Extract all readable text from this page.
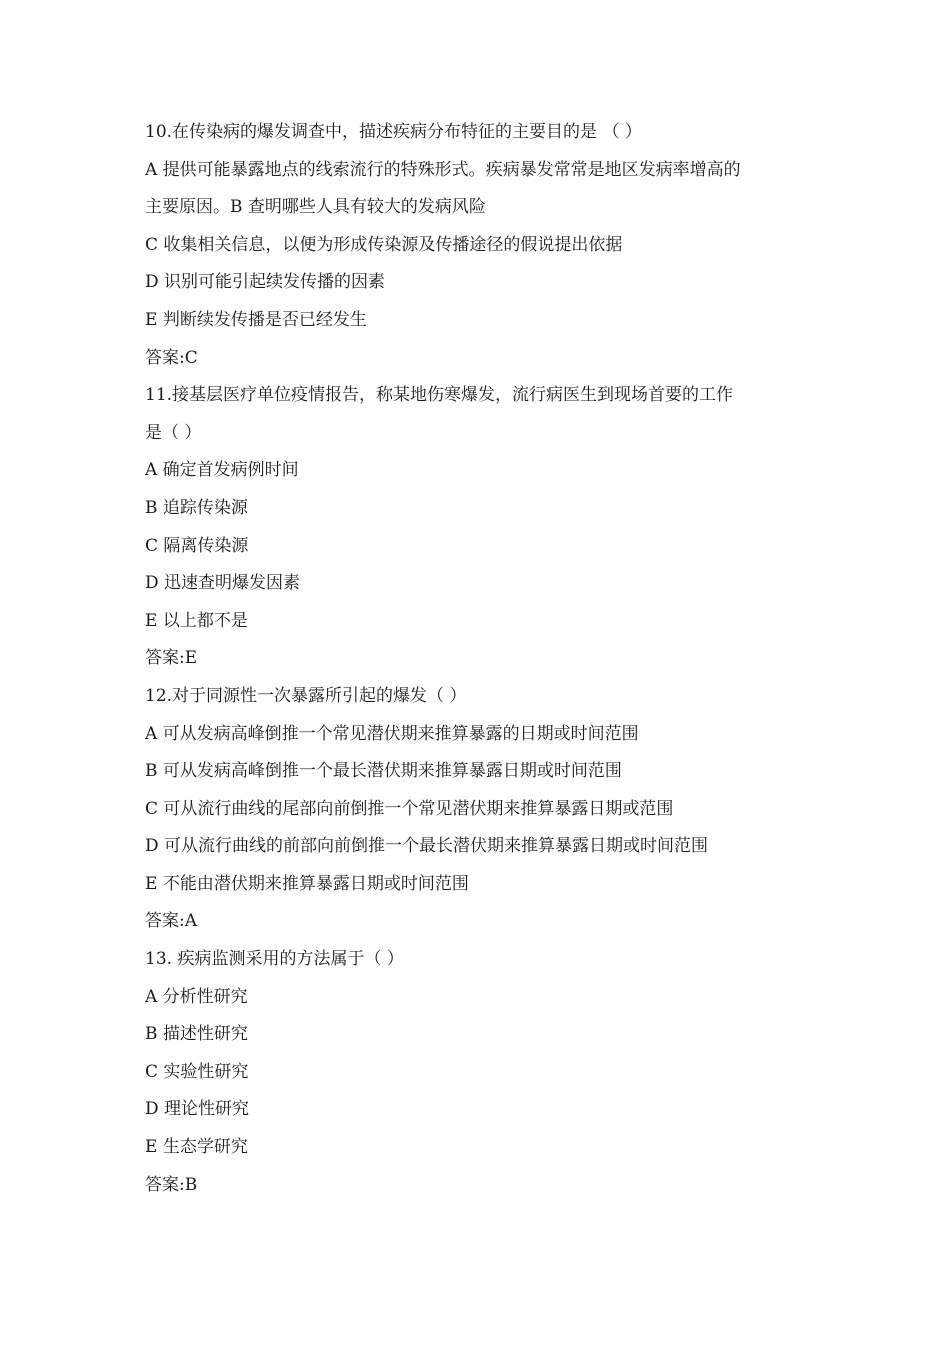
10.在传染病的爆发调查中，描述疾病分布特征的主要目的是 （ ）
A 提供可能暴露地点的线索流行的特殊形式。疾病暴发常常是地区发病率增高的
主要原因。B 查明哪些人具有较大的发病风险
C 收集相关信息，以便为形成传染源及传播途径的假说提出依据
D 识别可能引起续发传播的因素
E 判断续发传播是否已经发生
答案:C
11.接基层医疗单位疫情报告，称某地伤寒爆发，流行病医生到现场首要的工作
是（ ）
A 确定首发病例时间
B 追踪传染源
C 隔离传染源
D 迅速查明爆发因素
E 以上都不是
答案:E
12.对于同源性一次暴露所引起的爆发（ ）
A 可从发病高峰倒推一个常见潜伏期来推算暴露的日期或时间范围
B 可从发病高峰倒推一个最长潜伏期来推算暴露日期或时间范围
C 可从流行曲线的尾部向前倒推一个常见潜伏期来推算暴露日期或范围
D 可从流行曲线的前部向前倒推一个最长潜伏期来推算暴露日期或时间范围
E 不能由潜伏期来推算暴露日期或时间范围
答案:A
13. 疾病监测采用的方法属于（ ）
A 分析性研究
B 描述性研究
C 实验性研究
D 理论性研究
E 生态学研究
答案:B
